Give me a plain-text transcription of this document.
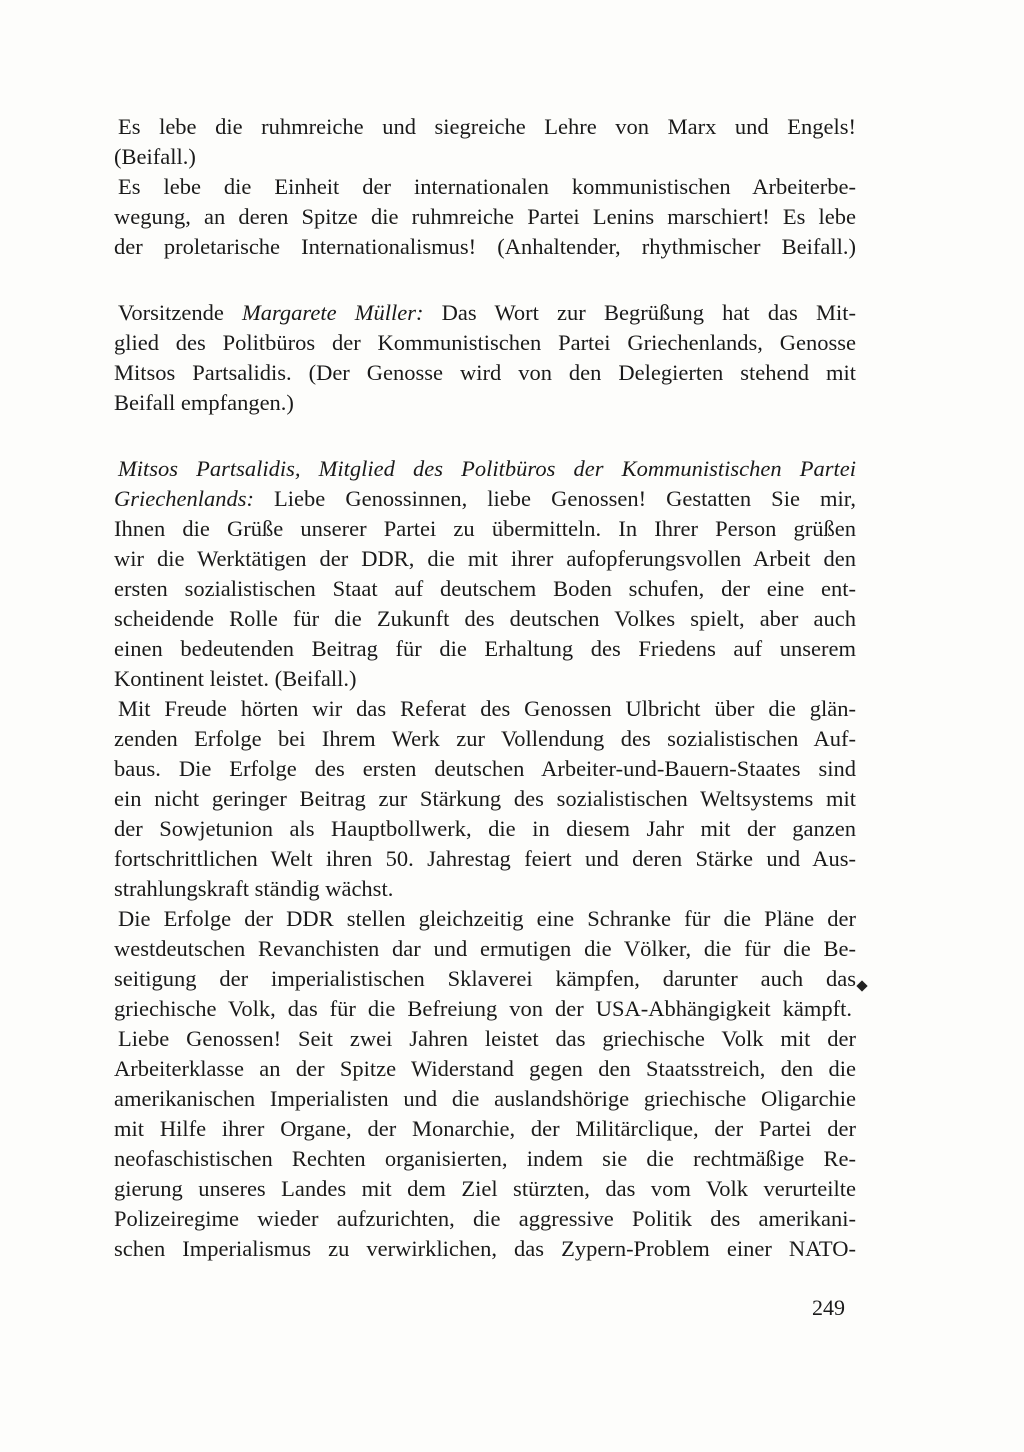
Es lebe die ruhmreiche und siegreiche Lehre von Marx und Engels!
(Beifall.)
Es lebe die Einheit der internationalen kommunistischen Arbeiterbe-
wegung, an deren Spitze die ruhmreiche Partei Lenins marschiert! Es lebe
der proletarische Internationalismus! (Anhaltender, rhythmischer Beifall.)
Vorsitzende Margarete Müller: Das Wort zur Begrüßung hat das Mit-
glied des Politbüros der Kommunistischen Partei Griechenlands, Genosse
Mitsos Partsalidis. (Der Genosse wird von den Delegierten stehend mit
Beifall empfangen.)
Mitsos Partsalidis, Mitglied des Politbüros der Kommunistischen Partei
Griechenlands: Liebe Genossinnen, liebe Genossen! Gestatten Sie mir,
Ihnen die Grüße unserer Partei zu übermitteln. In Ihrer Person grüßen
wir die Werktätigen der DDR, die mit ihrer aufopferungsvollen Arbeit den
ersten sozialistischen Staat auf deutschem Boden schufen, der eine ent-
scheidende Rolle für die Zukunft des deutschen Volkes spielt, aber auch
einen bedeutenden Beitrag für die Erhaltung des Friedens auf unserem
Kontinent leistet. (Beifall.)
Mit Freude hörten wir das Referat des Genossen Ulbricht über die glän-
zenden Erfolge bei Ihrem Werk zur Vollendung des sozialistischen Auf-
baus. Die Erfolge des ersten deutschen Arbeiter-und-Bauern-Staates sind
ein nicht geringer Beitrag zur Stärkung des sozialistischen Weltsystems mit
der Sowjetunion als Hauptbollwerk, die in diesem Jahr mit der ganzen
fortschrittlichen Welt ihren 50. Jahrestag feiert und deren Stärke und Aus-
strahlungskraft ständig wächst.
Die Erfolge der DDR stellen gleichzeitig eine Schranke für die Pläne der
westdeutschen Revanchisten dar und ermutigen die Völker, die für die Be-
seitigung der imperialistischen Sklaverei kämpfen, darunter auch das
griechische Volk, das für die Befreiung von der USA-Abhängigkeit kämpft.
Liebe Genossen! Seit zwei Jahren leistet das griechische Volk mit der
Arbeiterklasse an der Spitze Widerstand gegen den Staatsstreich, den die
amerikanischen Imperialisten und die auslandshörige griechische Oligarchie
mit Hilfe ihrer Organe, der Monarchie, der Militärclique, der Partei der
neofaschistischen Rechten organisierten, indem sie die rechtmäßige Re-
gierung unseres Landes mit dem Ziel stürzten, das vom Volk verurteilte
Polizeiregime wieder aufzurichten, die aggressive Politik des amerikani-
schen Imperialismus zu verwirklichen, das Zypern-Problem einer NATO-
249
